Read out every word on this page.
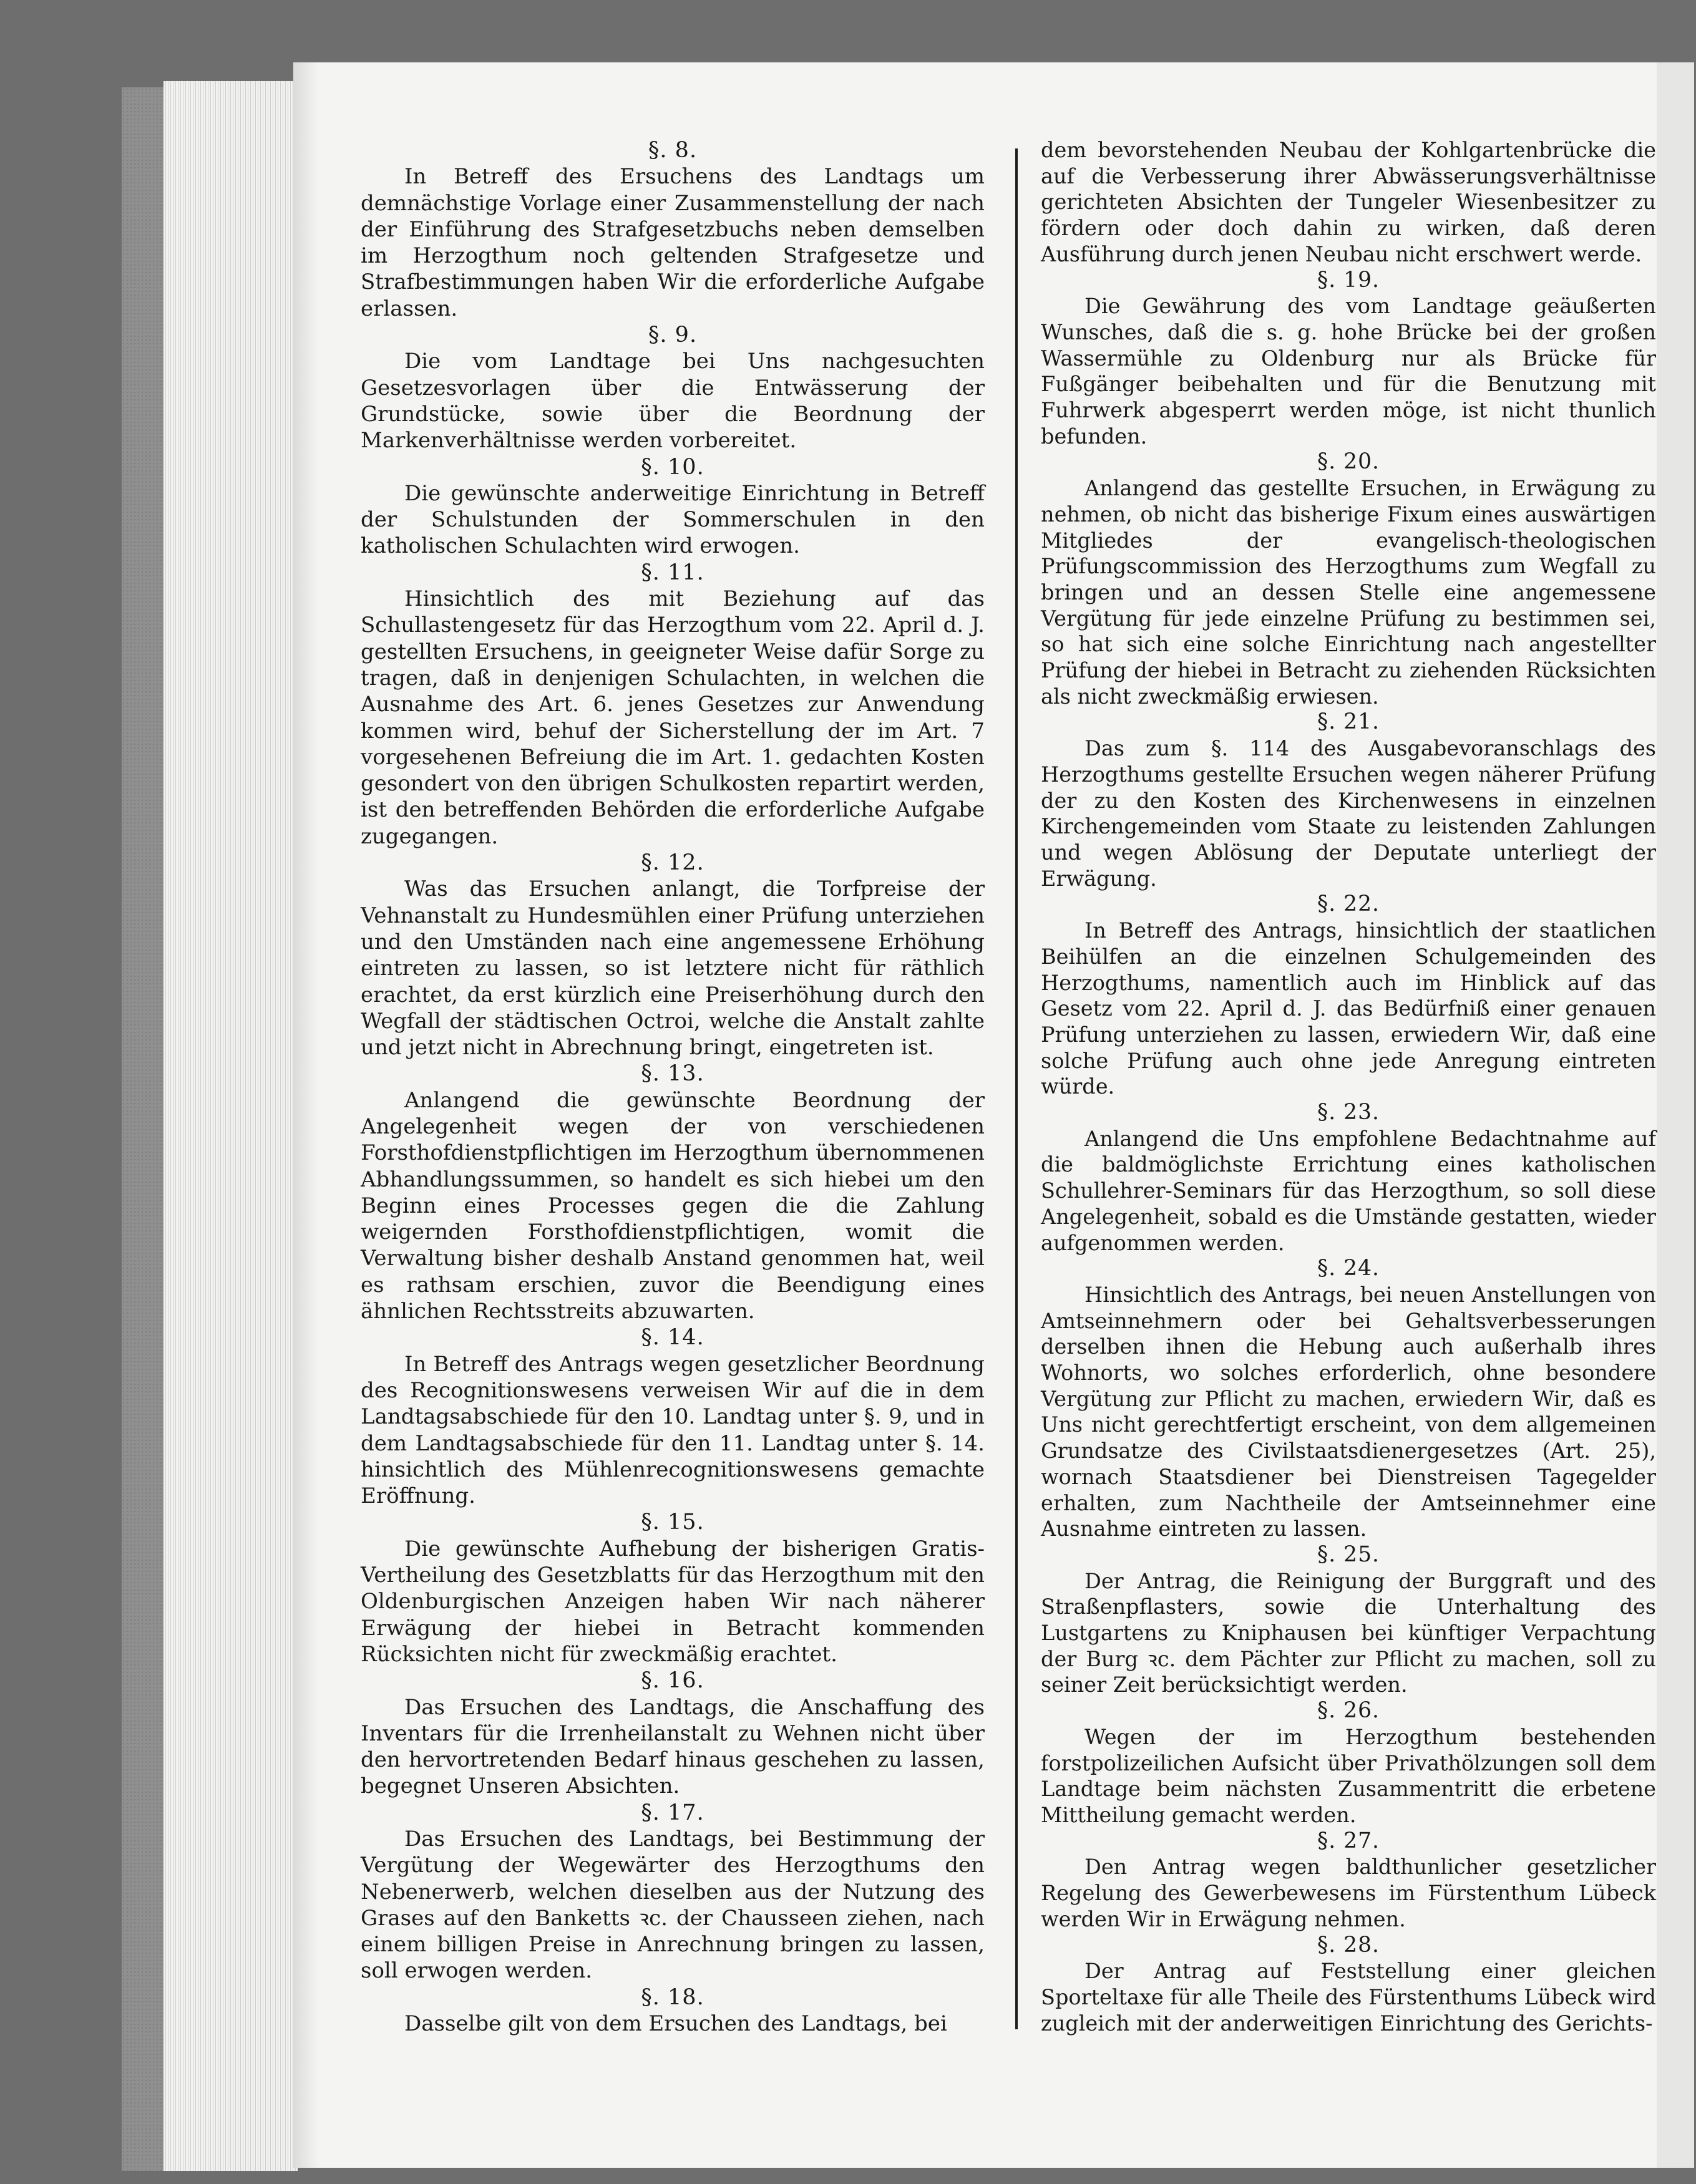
§. 8.

In Betreff des Ersuchens des Landtags um demnächstige Vorlage einer Zusammenstellung der nach der Einführung des Strafgesetzbuchs neben demselben im Herzogthum noch geltenden Strafgesetze und Strafbestimmungen haben Wir die erforderliche Aufgabe erlassen.

§. 9.

Die vom Landtage bei Uns nachgesuchten Gesetzesvorlagen über die Entwässerung der Grundstücke, sowie über die Beordnung der Markenverhältnisse werden vorbereitet.

§. 10.

Die gewünschte anderweitige Einrichtung in Betreff der Schulstunden der Sommerschulen in den katholischen Schulachten wird erwogen.

§. 11.

Hinsichtlich des mit Beziehung auf das Schullastengesetz für das Herzogthum vom 22. April d. J. gestellten Ersuchens, in geeigneter Weise dafür Sorge zu tragen, daß in denjenigen Schulachten, in welchen die Ausnahme des Art. 6. jenes Gesetzes zur Anwendung kommen wird, behuf der Sicherstellung der im Art. 7 vorgesehenen Befreiung die im Art. 1. gedachten Kosten gesondert von den übrigen Schulkosten repartirt werden, ist den betreffenden Behörden die erforderliche Aufgabe zugegangen.

§. 12.

Was das Ersuchen anlangt, die Torfpreise der Vehnanstalt zu Hundesmühlen einer Prüfung unterziehen und den Umständen nach eine angemessene Erhöhung eintreten zu lassen, so ist letztere nicht für räthlich erachtet, da erst kürzlich eine Preiserhöhung durch den Wegfall der städtischen Octroi, welche die Anstalt zahlte und jetzt nicht in Abrechnung bringt, eingetreten ist.

§. 13.

Anlangend die gewünschte Beordnung der Angelegenheit wegen der von verschiedenen Forsthofdienstpflichtigen im Herzogthum übernommenen Abhandlungssummen, so handelt es sich hiebei um den Beginn eines Processes gegen die die Zahlung weigernden Forsthofdienstpflichtigen, womit die Verwaltung bisher deshalb Anstand genommen hat, weil es rathsam erschien, zuvor die Beendigung eines ähnlichen Rechtsstreits abzuwarten.

§. 14.

In Betreff des Antrags wegen gesetzlicher Beordnung des Recognitionswesens verweisen Wir auf die in dem Landtagsabschiede für den 10. Landtag unter §. 9, und in dem Landtagsabschiede für den 11. Landtag unter §. 14. hinsichtlich des Mühlenrecognitionswesens gemachte Eröffnung.

§. 15.

Die gewünschte Aufhebung der bisherigen Gratis-Vertheilung des Gesetzblatts für das Herzogthum mit den Oldenburgischen Anzeigen haben Wir nach näherer Erwägung der hiebei in Betracht kommenden Rücksichten nicht für zweckmäßig erachtet.

§. 16.

Das Ersuchen des Landtags, die Anschaffung des Inventars für die Irrenheilanstalt zu Wehnen nicht über den hervortretenden Bedarf hinaus geschehen zu lassen, begegnet Unseren Absichten.

§. 17.

Das Ersuchen des Landtags, bei Bestimmung der Vergütung der Wegewärter des Herzogthums den Nebenerwerb, welchen dieselben aus der Nutzung des Grases auf den Banketts ꝛc. der Chausseen ziehen, nach einem billigen Preise in Anrechnung bringen zu lassen, soll erwogen werden.

§. 18.

Dasselbe gilt von dem Ersuchen des Landtags, bei

dem bevorstehenden Neubau der Kohlgartenbrücke die auf die Verbesserung ihrer Abwässerungsverhältnisse gerichteten Absichten der Tungeler Wiesenbesitzer zu fördern oder doch dahin zu wirken, daß deren Ausführung durch jenen Neubau nicht erschwert werde.

§. 19.

Die Gewährung des vom Landtage geäußerten Wunsches, daß die s. g. hohe Brücke bei der großen Wassermühle zu Oldenburg nur als Brücke für Fußgänger beibehalten und für die Benutzung mit Fuhrwerk abgesperrt werden möge, ist nicht thunlich befunden.

§. 20.

Anlangend das gestellte Ersuchen, in Erwägung zu nehmen, ob nicht das bisherige Fixum eines auswärtigen Mitgliedes der evangelisch-theologischen Prüfungscommission des Herzogthums zum Wegfall zu bringen und an dessen Stelle eine angemessene Vergütung für jede einzelne Prüfung zu bestimmen sei, so hat sich eine solche Einrichtung nach angestellter Prüfung der hiebei in Betracht zu ziehenden Rücksichten als nicht zweckmäßig erwiesen.

§. 21.

Das zum §. 114 des Ausgabevoranschlags des Herzogthums gestellte Ersuchen wegen näherer Prüfung der zu den Kosten des Kirchenwesens in einzelnen Kirchengemeinden vom Staate zu leistenden Zahlungen und wegen Ablösung der Deputate unterliegt der Erwägung.

§. 22.

In Betreff des Antrags, hinsichtlich der staatlichen Beihülfen an die einzelnen Schulgemeinden des Herzogthums, namentlich auch im Hinblick auf das Gesetz vom 22. April d. J. das Bedürfniß einer genauen Prüfung unterziehen zu lassen, erwiedern Wir, daß eine solche Prüfung auch ohne jede Anregung eintreten würde.

§. 23.

Anlangend die Uns empfohlene Bedachtnahme auf die baldmöglichste Errichtung eines katholischen Schullehrer-Seminars für das Herzogthum, so soll diese Angelegenheit, sobald es die Umstände gestatten, wieder aufgenommen werden.

§. 24.

Hinsichtlich des Antrags, bei neuen Anstellungen von Amtseinnehmern oder bei Gehaltsverbesserungen derselben ihnen die Hebung auch außerhalb ihres Wohnorts, wo solches erforderlich, ohne besondere Vergütung zur Pflicht zu machen, erwiedern Wir, daß es Uns nicht gerechtfertigt erscheint, von dem allgemeinen Grundsatze des Civilstaatsdienergesetzes (Art. 25), wornach Staatsdiener bei Dienstreisen Tagegelder erhalten, zum Nachtheile der Amtseinnehmer eine Ausnahme eintreten zu lassen.

§. 25.

Der Antrag, die Reinigung der Burggraft und des Straßenpflasters, sowie die Unterhaltung des Lustgartens zu Kniphausen bei künftiger Verpachtung der Burg ꝛc. dem Pächter zur Pflicht zu machen, soll zu seiner Zeit berücksichtigt werden.

§. 26.

Wegen der im Herzogthum bestehenden forstpolizeilichen Aufsicht über Privathölzungen soll dem Landtage beim nächsten Zusammentritt die erbetene Mittheilung gemacht werden.

§. 27.

Den Antrag wegen baldthunlicher gesetzlicher Regelung des Gewerbewesens im Fürstenthum Lübeck werden Wir in Erwägung nehmen.

§. 28.

Der Antrag auf Feststellung einer gleichen Sporteltaxe für alle Theile des Fürstenthums Lübeck wird zugleich mit der anderweitigen Einrichtung des Gerichts-
